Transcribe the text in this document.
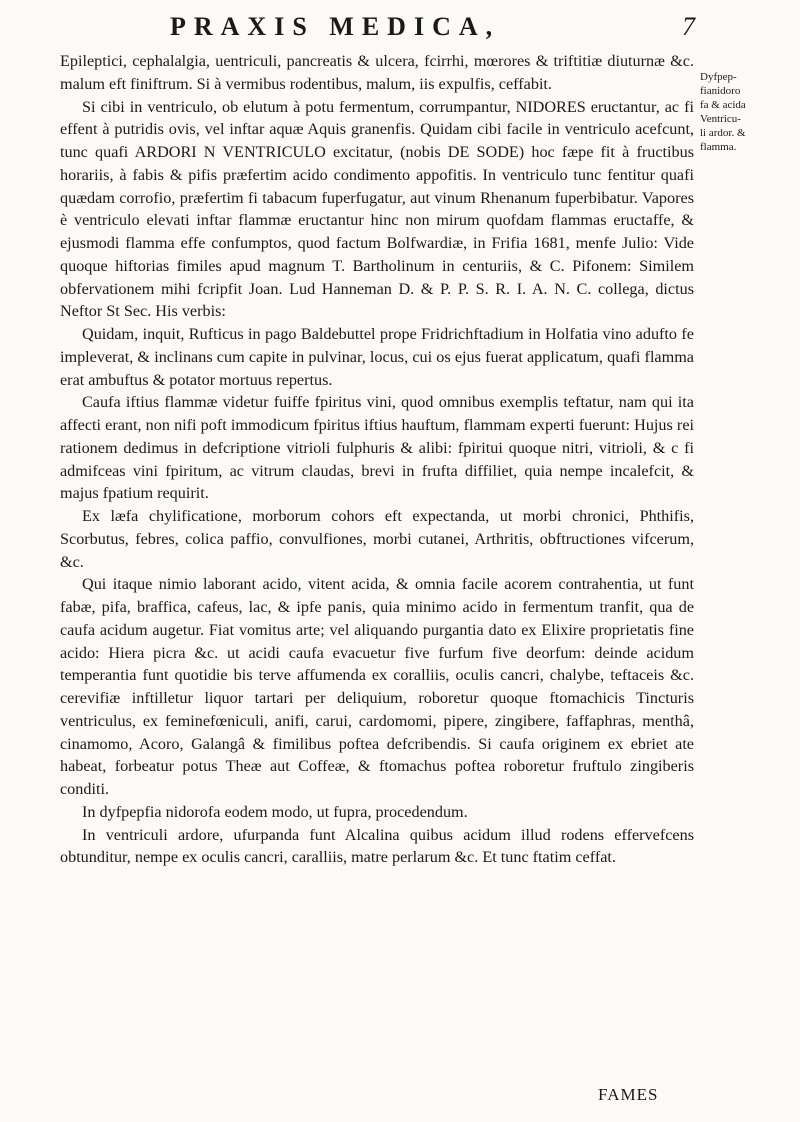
PRAXIS MEDICA,	7
Dyfpep-
fianidoro
fa & acida
Ventricu-
li ardor. &
flamma.

Epileptici, cephalalgia, uentriculi, pancreatis & ulcera, fcirrhi, mœrores & triftitiæ diuturnæ &c. malum eft finiftrum. Si à vermibus rodentibus, malum, iis expulfis, ceffabit.

Si cibi in ventriculo, ob elutum à potu fermentum, corrumpantur, NIDORES eructantur, ac fi effent à putridis ovis, vel inftar aquæ Aquis granenfis. Quidam cibi facile in ventriculo acefcunt, tunc quafi ARDORI N VENTRICULO excitatur, (nobis DE SODE) hoc fæpe fit à fructibus horariis, à fabis & pifis præfertim acido condimento appofitis. In ventriculo tunc fentitur quafi quædam corrofio, præfertim fi tabacum fuperfugatur, aut vinum Rhenanum fuperbibatur. Vapores è ventriculo elevati inftar flammæ eructantur hinc non mirum quofdam flammas eructaffe, & ejusmodi flamma effe confumptos, quod factum Bolfwardiæ, in Frifia 1681, menfe Julio: Vide quoque hiftorias fimiles apud magnum T. Bartholinum in centuriis, & C. Pifonem: Similem obfervationem mihi fcripfit Joan. Lud Hanneman D. & P. P. S. R. I. A. N. C. collega, dictus Neftor St Sec. His verbis:

Quidam, inquit, Rufticus in pago Baldebuttel prope Fridrichftadium in Holfatia vino adufto fe impleverat, & inclinans cum capite in pulvinar, locus, cui os ejus fuerat applicatum, quafi flamma erat ambuftus & potator mortuus repertus.

Caufa iftius flammæ videtur fuiffe fpiritus vini, quod omnibus exemplis teftatur, nam qui ita affecti erant, non nifi poft immodicum fpiritus iftius hauftum, flammam experti fuerunt: Hujus rei rationem dedimus in defcriptione vitrioli fulphuris & alibi: fpiritui quoque nitri, vitrioli, & c fi admifceas vini fpiritum, ac vitrum claudas, brevi in frufta diffiliet, quia nempe incalefcit, & majus fpatium requirit.

Ex læfa chylificatione, morborum cohors eft expectanda, ut morbi chronici, Phthifis, Scorbutus, febres, colica paffio, convulfiones, morbi cutanei, Arthritis, obftructiones vifcerum, &c.

Qui itaque nimio laborant acido, vitent acida, & omnia facile acorem contrahentia, ut funt fabæ, pifa, braffica, cafeus, lac, & ipfe panis, quia minimo acido in fermentum tranfit, qua de caufa acidum augetur. Fiat vomitus arte; vel aliquando purgantia dato ex Elixire proprietatis fine acido: Hiera picra &c. ut acidi caufa evacuetur five furfum five deorfum: deinde acidum temperantia funt quotidie bis terve affumenda ex coralliis, oculis cancri, chalybe, teftaceis &c. cerevifiæ inftilletur liquor tartari per deliquium, roboretur quoque ftomachicis Tincturis ventriculus, ex feminefœniculi, anifi, carui, cardomomi, pipere, zingibere, faffaphras, menthâ, cinamomo, Acoro, Galangâ & fimilibus poftea defcribendis. Si caufa originem ex ebriet ate habeat, forbeatur potus Theæ aut Coffeæ, & ftomachus poftea roboretur fruftulo zingiberis conditi.

In dyfpepfia nidorofa eodem modo, ut fupra, procedendum.

In ventriculi ardore, ufurpanda funt Alcalina quibus acidum illud rodens effervefcens obtunditur, nempe ex oculis cancri, caralliis, matre perlarum &c. Et tunc ftatim ceffat.

FAMES
